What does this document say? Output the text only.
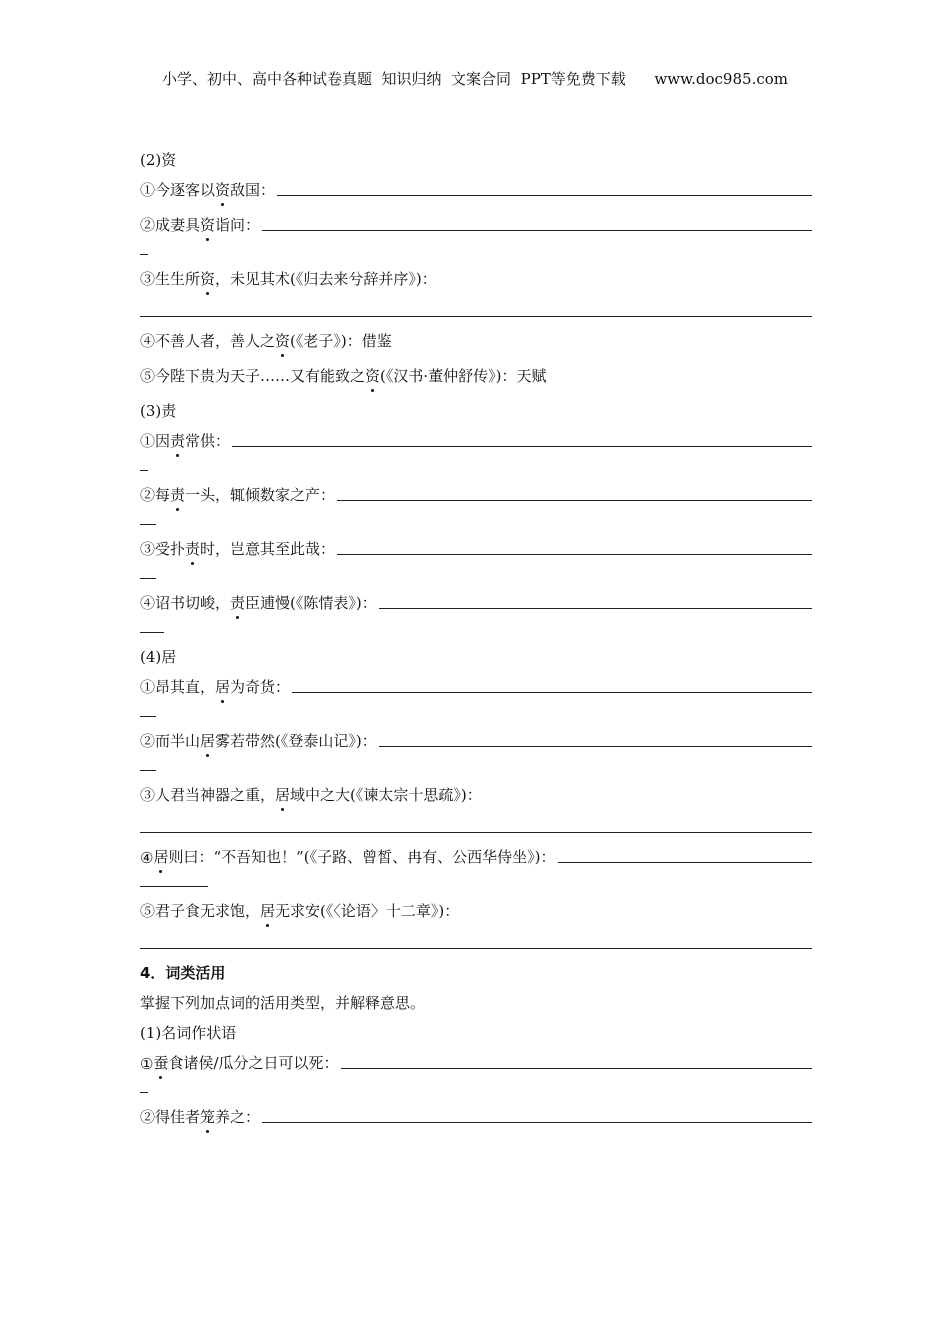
小学、初中、高中各种试卷真题  知识归纳  文案合同  PPT等免费下载      www.doc985.com
(2)资
①今逐客以 资 敌国：
②成妻具 资 诣问：
③生生所 资 ，未见其术(《归去来兮辞并序》)：
④不善人者，善人之 资 (《老子》)：借鉴
⑤今陛下贵为天子……又有能致之 资 (《汉书·董仲舒传》)：天赋
(3)责
①因 责 常供：
②每 责 一头，辄倾数家之产：
③受扑 责 时，岂意其至此哉：
④诏书切峻， 责 臣逋慢(《陈情表》)：
(4)居
①昂其直， 居 为奇货：
②而半山 居 雾若带然(《登泰山记》)：
③人君当神器之重， 居 域中之大(《谏太宗十思疏》)：
④ 居 则曰：“不吾知也！”(《子路、曾皙、冉有、公西华侍坐》)：
⑤君子食无求饱， 居 无求安(《〈论语〉十二章》)：
4．词类活用
掌握下列加点词的活用类型，并解释意思。
(1)名词作状语
① 蚕 食诸侯/瓜分之日可以死：
②得佳者 笼 养之：
